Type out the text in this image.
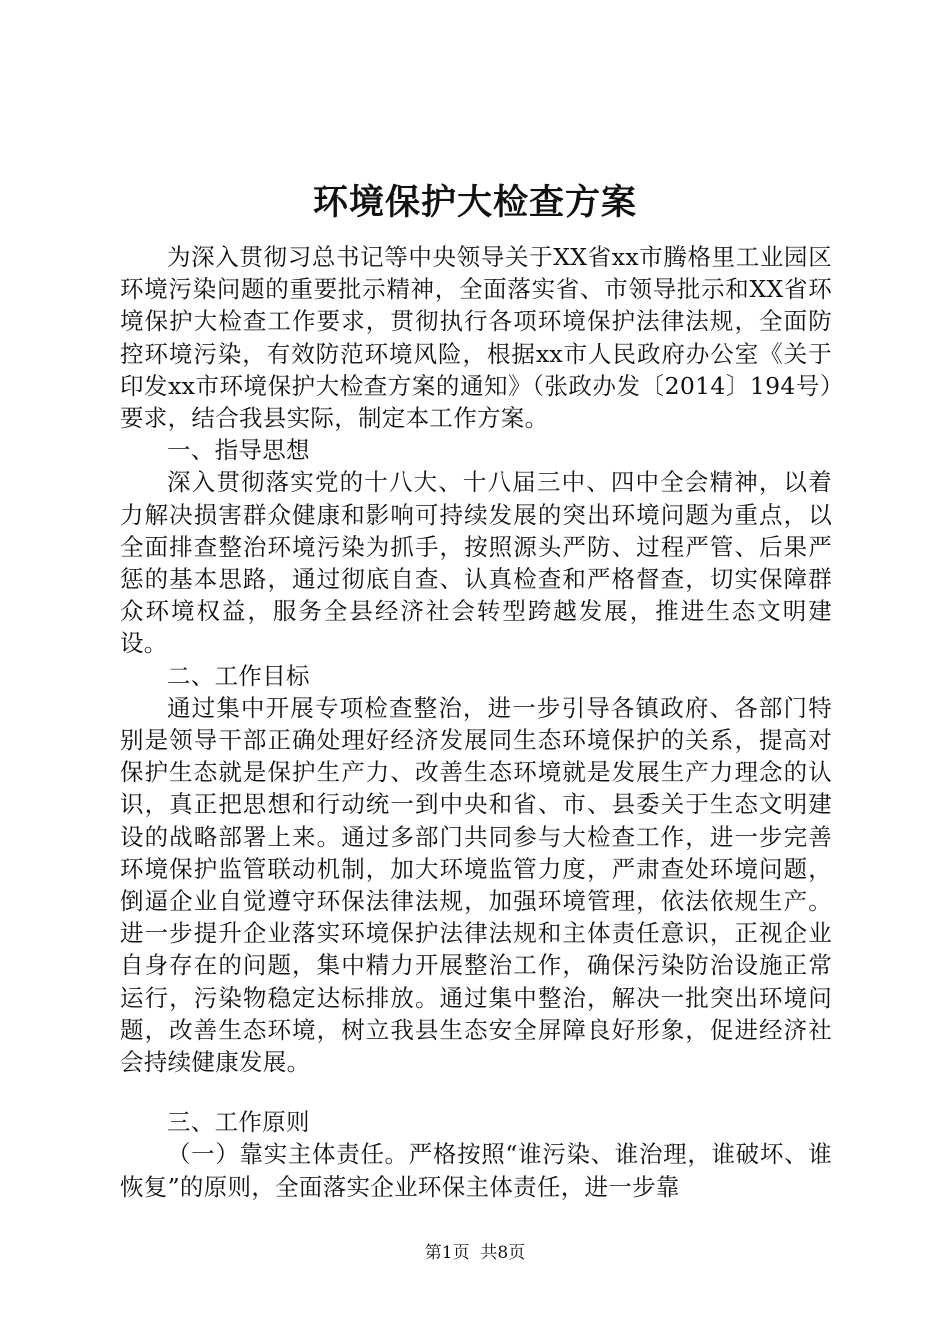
环境保护大检查方案

为深入贯彻习总书记等中央领导关于XX省xx市腾格里工业园区环境污染问题的重要批示精神，全面落实省、市领导批示和XX省环境保护大检查工作要求，贯彻执行各项环境保护法律法规，全面防控环境污染，有效防范环境风险，根据xx市人民政府办公室《关于印发xx市环境保护大检查方案的通知》（张政办发〔2014〕194号）要求，结合我县实际，制定本工作方案。

一、指导思想

深入贯彻落实党的十八大、十八届三中、四中全会精神，以着力解决损害群众健康和影响可持续发展的突出环境问题为重点，以全面排查整治环境污染为抓手，按照源头严防、过程严管、后果严惩的基本思路，通过彻底自查、认真检查和严格督查，切实保障群众环境权益，服务全县经济社会转型跨越发展，推进生态文明建设。

二、工作目标

通过集中开展专项检查整治，进一步引导各镇政府、各部门特别是领导干部正确处理好经济发展同生态环境保护的关系，提高对保护生态就是保护生产力、改善生态环境就是发展生产力理念的认识，真正把思想和行动统一到中央和省、市、县委关于生态文明建设的战略部署上来。通过多部门共同参与大检查工作，进一步完善环境保护监管联动机制，加大环境监管力度，严肃查处环境问题，倒逼企业自觉遵守环保法律法规，加强环境管理，依法依规生产。进一步提升企业落实环境保护法律法规和主体责任意识，正视企业自身存在的问题，集中精力开展整治工作，确保污染防治设施正常运行，污染物稳定达标排放。通过集中整治，解决一批突出环境问题，改善生态环境，树立我县生态安全屏障良好形象，促进经济社会持续健康发展。

三、工作原则

（一）靠实主体责任。严格按照“谁污染、谁治理，谁破坏、谁恢复”的原则，全面落实企业环保主体责任，进一步靠

第1页  共8页
